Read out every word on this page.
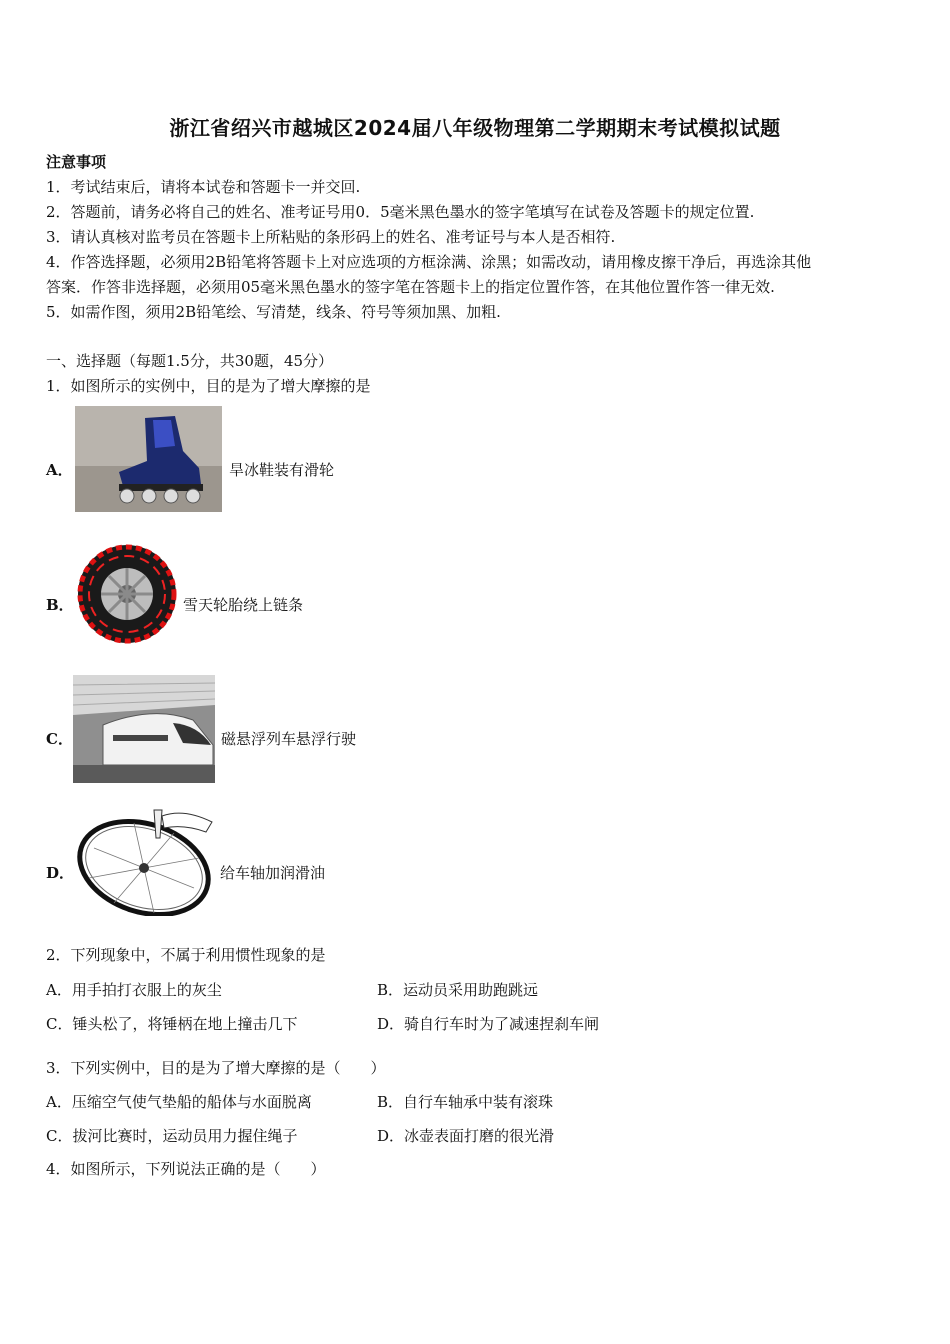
浙江省绍兴市越城区2024届八年级物理第二学期期末考试模拟试题
注意事项
1．考试结束后，请将本试卷和答题卡一并交回.
2．答题前，请务必将自己的姓名、准考证号用0．5毫米黑色墨水的签字笔填写在试卷及答题卡的规定位置.
3．请认真核对监考员在答题卡上所粘贴的条形码上的姓名、准考证号与本人是否相符.
4．作答选择题，必须用2B铅笔将答题卡上对应选项的方框涂满、涂黑；如需改动，请用橡皮擦干净后，再选涂其他
答案．作答非选择题，必须用05毫米黑色墨水的签字笔在答题卡上的指定位置作答，在其他位置作答一律无效.
5．如需作图，须用2B铅笔绘、写清楚，线条、符号等须加黑、加粗.
一、选择题（每题1.5分，共30题，45分）
1．如图所示的实例中，目的是为了增大摩擦的是
A．	旱冰鞋装有滑轮
B．	雪天轮胎绕上链条
C．	磁悬浮列车悬浮行驶
D．	给车轴加润滑油
2．下列现象中，不属于利用惯性现象的是
A．用手拍打衣服上的灰尘	B．运动员采用助跑跳远
C．锤头松了，将锤柄在地上撞击几下	D．骑自行车时为了减速捏刹车闸
3．下列实例中，目的是为了增大摩擦的是（　　）
A．压缩空气使气垫船的船体与水面脱离	B．自行车轴承中装有滚珠
C．拔河比赛时，运动员用力握住绳子	D．冰壶表面打磨的很光滑
4．如图所示，下列说法正确的是（　　）
